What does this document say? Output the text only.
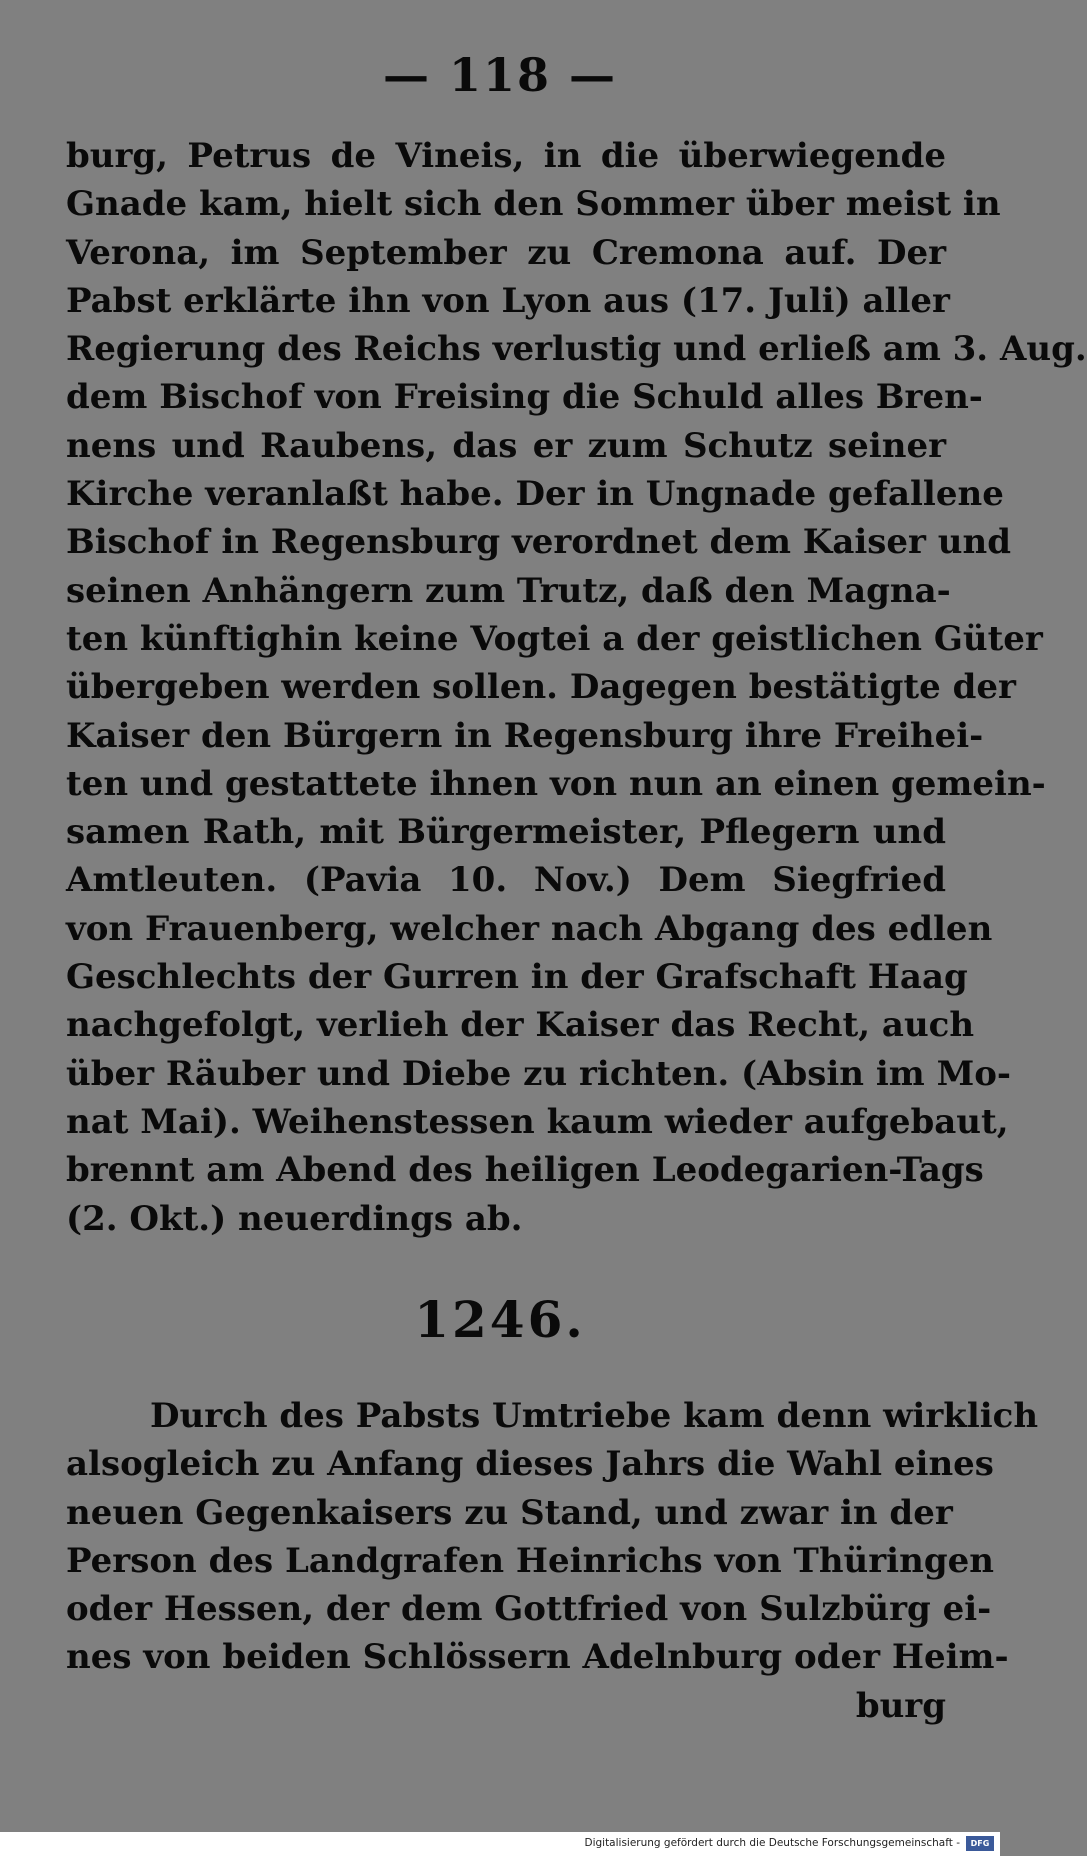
— 118 —
burg, Petrus de Vineis, in die überwiegende
Gnade kam, hielt sich den Sommer über meist in
Verona, im September zu Cremona auf. Der
Pabst erklärte ihn von Lyon aus (17. Juli) aller
Regierung des Reichs verlustig und erließ am 3. Aug.
dem Bischof von Freising die Schuld alles Bren-
nens und Raubens, das er zum Schutz seiner
Kirche veranlaßt habe. Der in Ungnade gefallene
Bischof in Regensburg verordnet dem Kaiser und
seinen Anhängern zum Trutz, daß den Magna-
ten künftighin keine Vogtei a der geistlichen Güter
übergeben werden sollen. Dagegen bestätigte der
Kaiser den Bürgern in Regensburg ihre Freihei-
ten und gestattete ihnen von nun an einen gemein-
samen Rath, mit Bürgermeister, Pflegern und
Amtleuten. (Pavia 10. Nov.) Dem Siegfried
von Frauenberg, welcher nach Abgang des edlen
Geschlechts der Gurren in der Grafschaft Haag
nachgefolgt, verlieh der Kaiser das Recht, auch
über Räuber und Diebe zu richten. (Absin im Mo-
nat Mai). Weihenstessen kaum wieder aufgebaut,
brennt am Abend des heiligen Leodegarien-Tags
(2. Okt.) neuerdings ab.
1246.
Durch des Pabsts Umtriebe kam denn wirklich
alsogleich zu Anfang dieses Jahrs die Wahl eines
neuen Gegenkaisers zu Stand, und zwar in der
Person des Landgrafen Heinrichs von Thüringen
oder Hessen, der dem Gottfried von Sulzbürg ei-
nes von beiden Schlössern Adelnburg oder Heim-
burg
Digitalisierung gefördert durch die Deutsche Forschungsgemeinschaft -	DFG
